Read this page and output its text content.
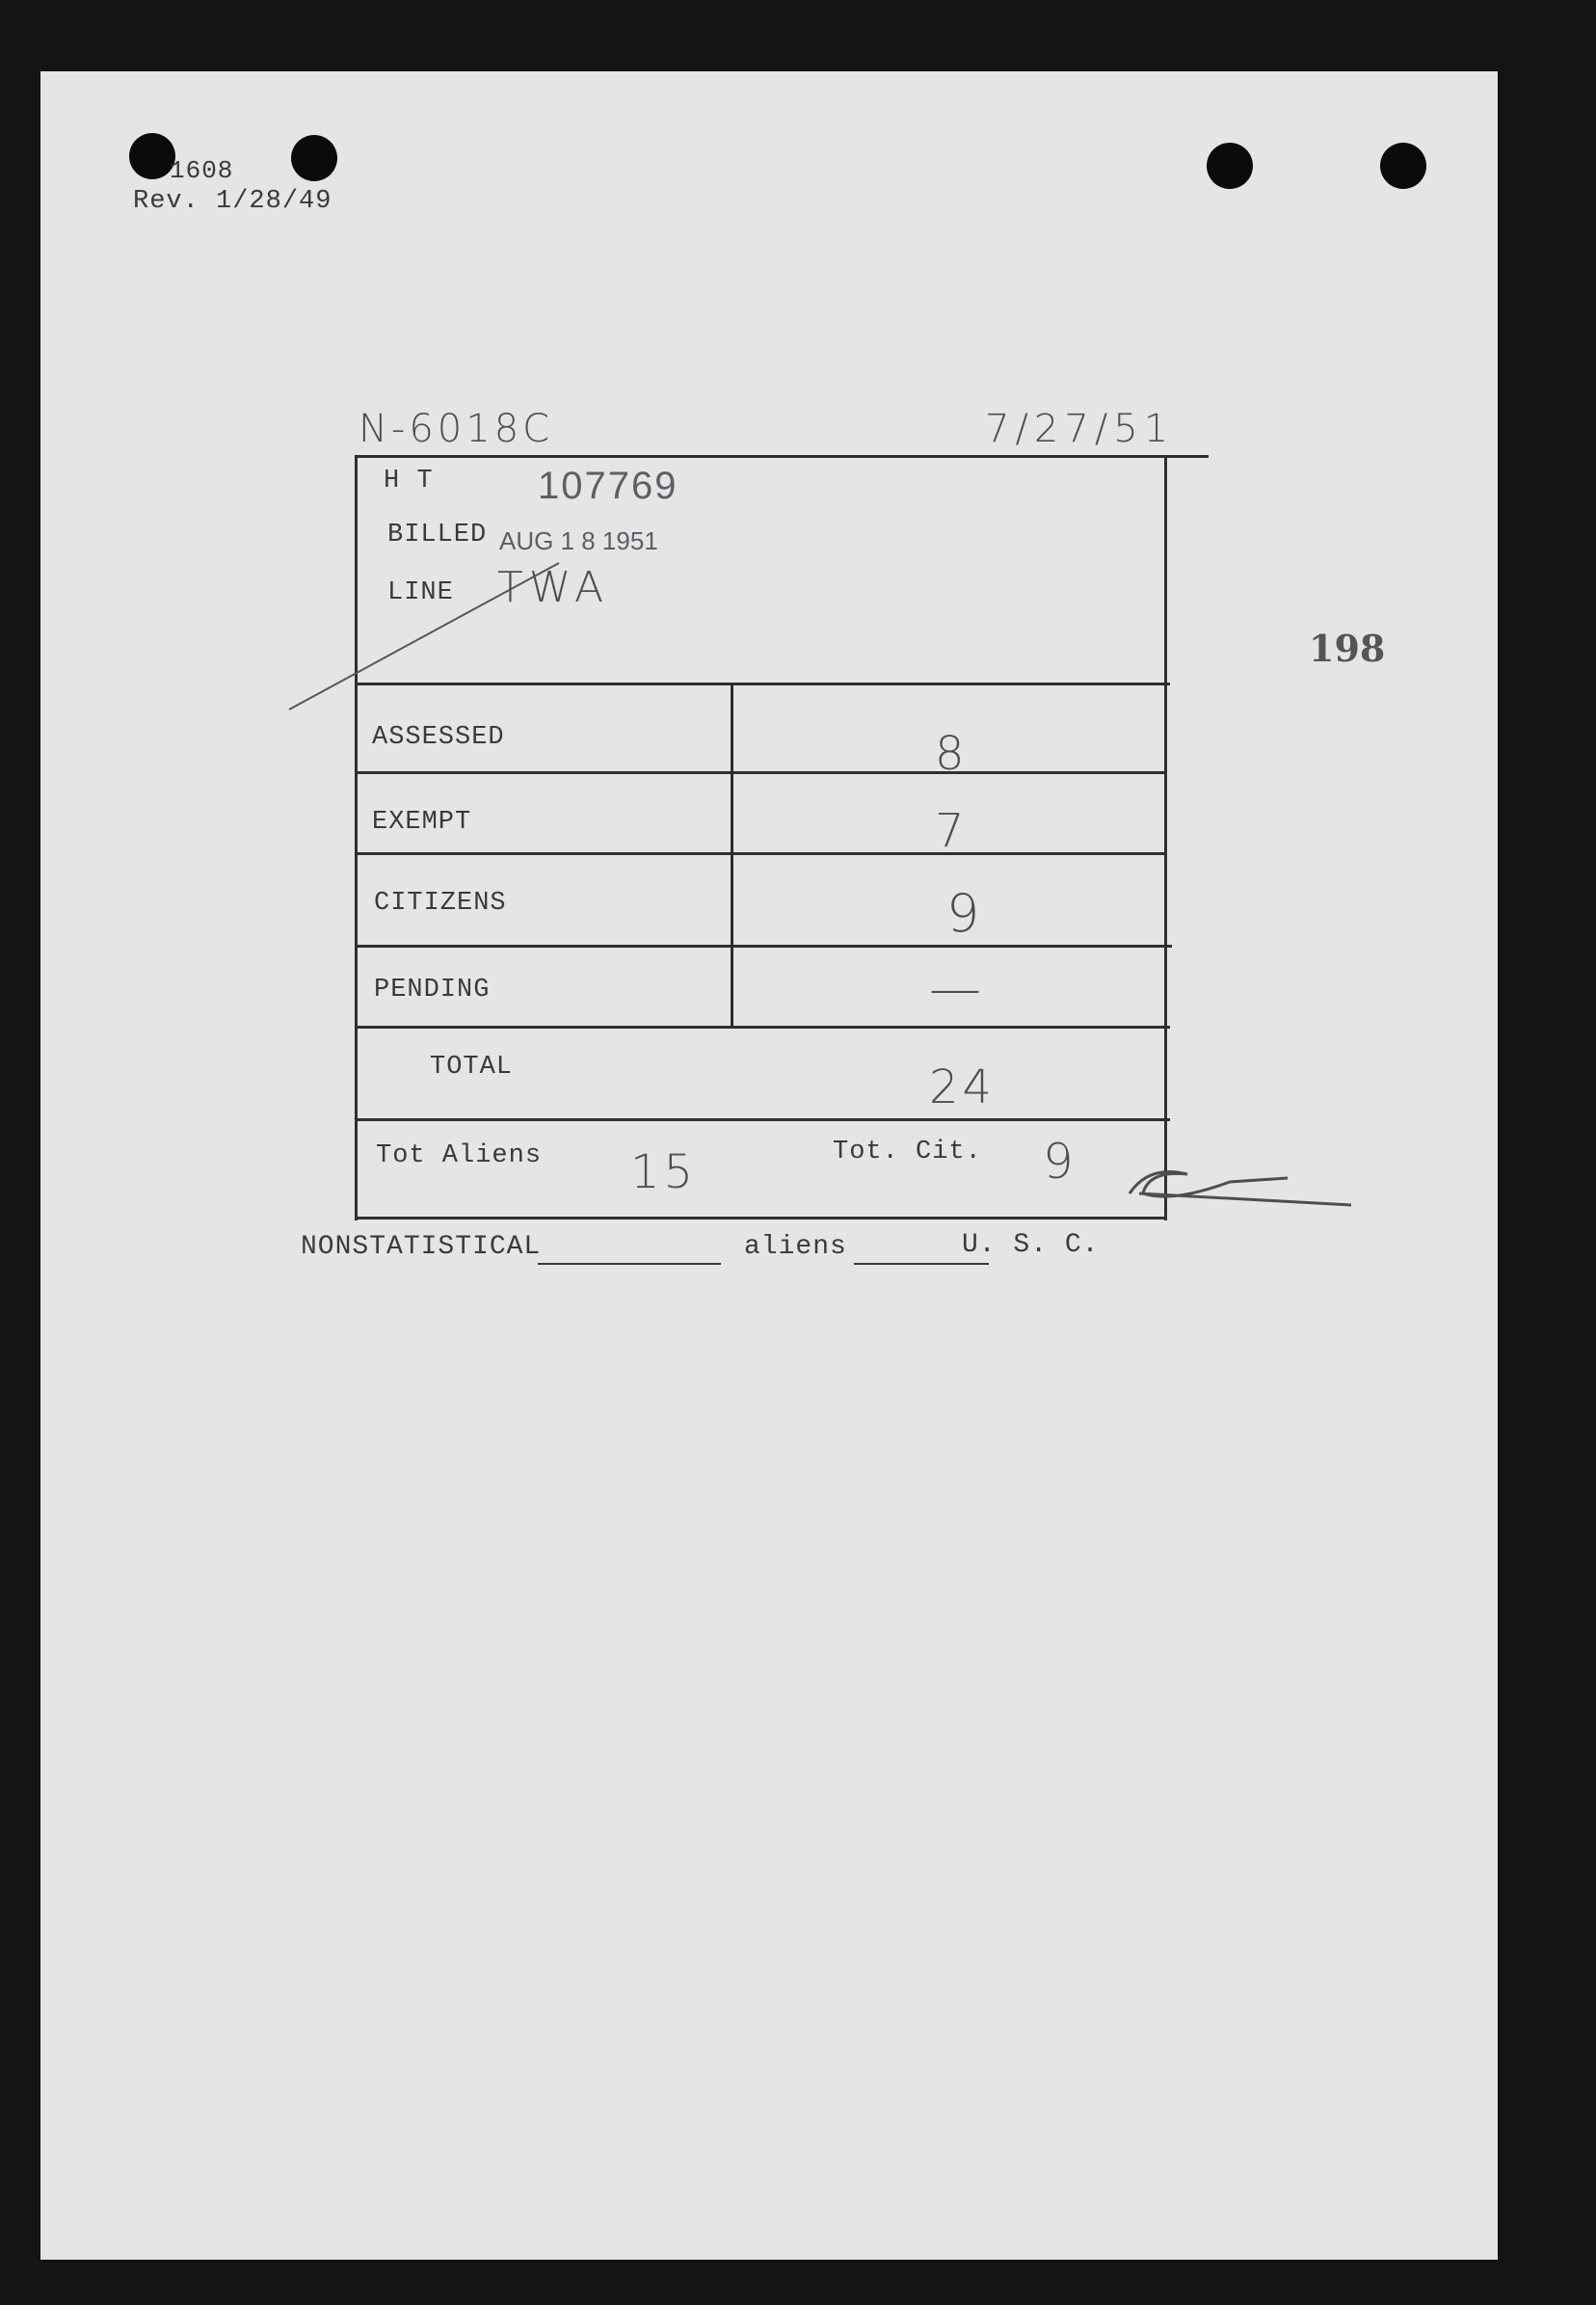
1608
Rev. 1/28/49
N-6018C	7/27/51
198
H T	107769
BILLED AUG 1 8 1951
LINE TWA
ASSESSED	8
EXEMPT	7
CITIZENS	9
PENDING	—
TOTAL	24
Tot Aliens 15	Tot. Cit. 9
NONSTATISTICAL	aliens	U. S. C.
